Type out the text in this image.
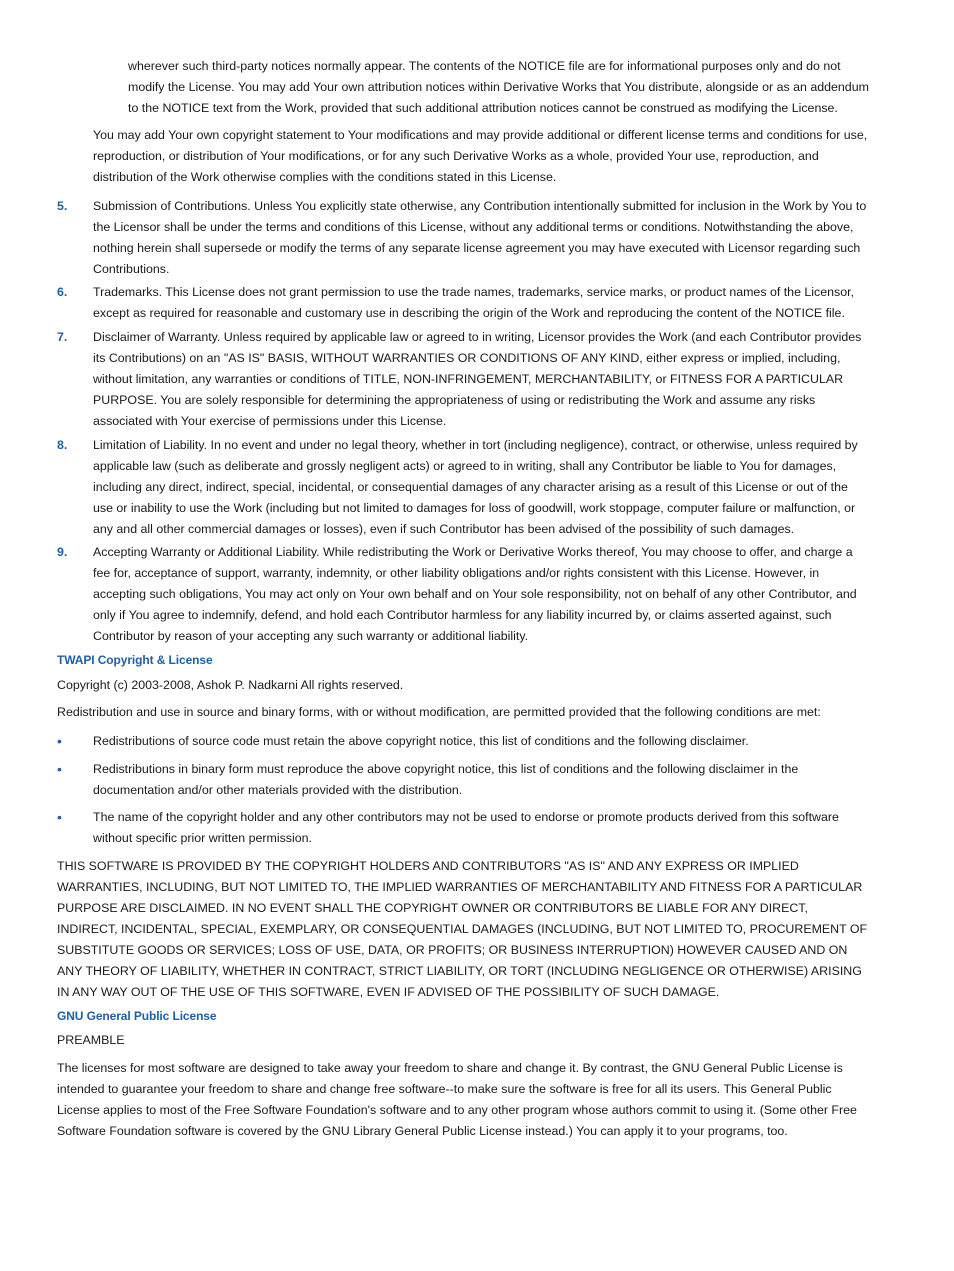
wherever such third-party notices normally appear. The contents of the NOTICE file are for informational purposes only and do not modify the License. You may add Your own attribution notices within Derivative Works that You distribute, alongside or as an addendum to the NOTICE text from the Work, provided that such additional attribution notices cannot be construed as modifying the License.

You may add Your own copyright statement to Your modifications and may provide additional or different license terms and conditions for use, reproduction, or distribution of Your modifications, or for any such Derivative Works as a whole, provided Your use, reproduction, and distribution of the Work otherwise complies with the conditions stated in this License.

5. Submission of Contributions. Unless You explicitly state otherwise, any Contribution intentionally submitted for inclusion in the Work by You to the Licensor shall be under the terms and conditions of this License, without any additional terms or conditions. Notwithstanding the above, nothing herein shall supersede or modify the terms of any separate license agreement you may have executed with Licensor regarding such Contributions.

6. Trademarks. This License does not grant permission to use the trade names, trademarks, service marks, or product names of the Licensor, except as required for reasonable and customary use in describing the origin of the Work and reproducing the content of the NOTICE file.

7. Disclaimer of Warranty. Unless required by applicable law or agreed to in writing, Licensor provides the Work (and each Contributor provides its Contributions) on an "AS IS" BASIS, WITHOUT WARRANTIES OR CONDITIONS OF ANY KIND, either express or implied, including, without limitation, any warranties or conditions of TITLE, NON-INFRINGEMENT, MERCHANTABILITY, or FITNESS FOR A PARTICULAR PURPOSE. You are solely responsible for determining the appropriateness of using or redistributing the Work and assume any risks associated with Your exercise of permissions under this License.

8. Limitation of Liability. In no event and under no legal theory, whether in tort (including negligence), contract, or otherwise, unless required by applicable law (such as deliberate and grossly negligent acts) or agreed to in writing, shall any Contributor be liable to You for damages, including any direct, indirect, special, incidental, or consequential damages of any character arising as a result of this License or out of the use or inability to use the Work (including but not limited to damages for loss of goodwill, work stoppage, computer failure or malfunction, or any and all other commercial damages or losses), even if such Contributor has been advised of the possibility of such damages.

9. Accepting Warranty or Additional Liability. While redistributing the Work or Derivative Works thereof, You may choose to offer, and charge a fee for, acceptance of support, warranty, indemnity, or other liability obligations and/or rights consistent with this License. However, in accepting such obligations, You may act only on Your own behalf and on Your sole responsibility, not on behalf of any other Contributor, and only if You agree to indemnify, defend, and hold each Contributor harmless for any liability incurred by, or claims asserted against, such Contributor by reason of your accepting any such warranty or additional liability.

TWAPI Copyright & License

Copyright (c) 2003-2008, Ashok P. Nadkarni All rights reserved.

Redistribution and use in source and binary forms, with or without modification, are permitted provided that the following conditions are met:

•	Redistributions of source code must retain the above copyright notice, this list of conditions and the following disclaimer.

•	Redistributions in binary form must reproduce the above copyright notice, this list of conditions and the following disclaimer in the documentation and/or other materials provided with the distribution.

•	The name of the copyright holder and any other contributors may not be used to endorse or promote products derived from this software without specific prior written permission.

THIS SOFTWARE IS PROVIDED BY THE COPYRIGHT HOLDERS AND CONTRIBUTORS "AS IS" AND ANY EXPRESS OR IMPLIED WARRANTIES, INCLUDING, BUT NOT LIMITED TO, THE IMPLIED WARRANTIES OF MERCHANTABILITY AND FITNESS FOR A PARTICULAR PURPOSE ARE DISCLAIMED. IN NO EVENT SHALL THE COPYRIGHT OWNER OR CONTRIBUTORS BE LIABLE FOR ANY DIRECT, INDIRECT, INCIDENTAL, SPECIAL, EXEMPLARY, OR CONSEQUENTIAL DAMAGES (INCLUDING, BUT NOT LIMITED TO, PROCUREMENT OF SUBSTITUTE GOODS OR SERVICES; LOSS OF USE, DATA, OR PROFITS; OR BUSINESS INTERRUPTION) HOWEVER CAUSED AND ON ANY THEORY OF LIABILITY, WHETHER IN CONTRACT, STRICT LIABILITY, OR TORT (INCLUDING NEGLIGENCE OR OTHERWISE) ARISING IN ANY WAY OUT OF THE USE OF THIS SOFTWARE, EVEN IF ADVISED OF THE POSSIBILITY OF SUCH DAMAGE.

GNU General Public License

PREAMBLE

The licenses for most software are designed to take away your freedom to share and change it. By contrast, the GNU General Public License is intended to guarantee your freedom to share and change free software--to make sure the software is free for all its users. This General Public License applies to most of the Free Software Foundation's software and to any other program whose authors commit to using it. (Some other Free Software Foundation software is covered by the GNU Library General Public License instead.) You can apply it to your programs, too.
